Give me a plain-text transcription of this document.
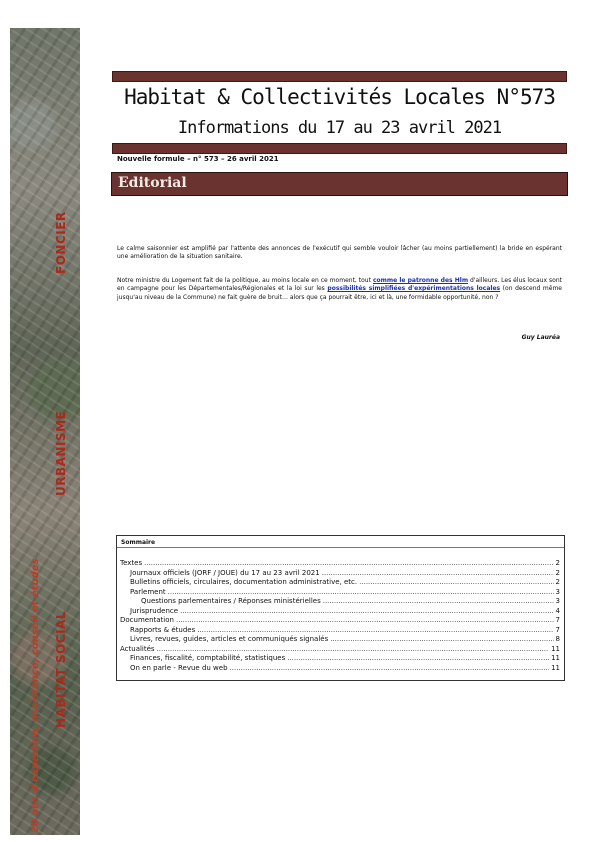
FONCIER
URBANISME
HABITAT SOCIAL
20 ans d'expertise, assistance, conseil et études
Habitat & Collectivités Locales N°573
Informations du 17 au 23 avril 2021
Nouvelle formule – n° 573 – 26 avril 2021
Editorial
Le calme saisonnier est amplifié par l'attente des annonces de l'exécutif qui semble vouloir lâcher (au moins partiellement) la bride en espérant une amélioration de la situation sanitaire.
Notre ministre du Logement fait de la politique, au moins locale en ce moment, tout comme le patronne des Hlm d'ailleurs. Les élus locaux sont en campagne pour les Départementales/Régionales et la loi sur les possibilités simplifiées d'expérimentations locales (on descend même jusqu'au niveau de la Commune) ne fait guère de bruit… alors que ça pourrait être, ici et là, une formidable opportunité, non ?
Guy Lauréa
Sommaire
Textes .....	2
Journaux officiels (JORF / JOUE) du 17 au 23 avril 2021 .....	2
Bulletins officiels, circulaires, documentation administrative, etc. .....	2
Parlement .....	3
Questions parlementaires / Réponses ministérielles .....	3
Jurisprudence .....	4
Documentation .....	7
Rapports & études .....	7
Livres, revues, guides, articles et communiqués signalés .....	8
Actualités .....	11
Finances, fiscalité, comptabilité, statistiques .....	11
On en parle - Revue du web .....	11
